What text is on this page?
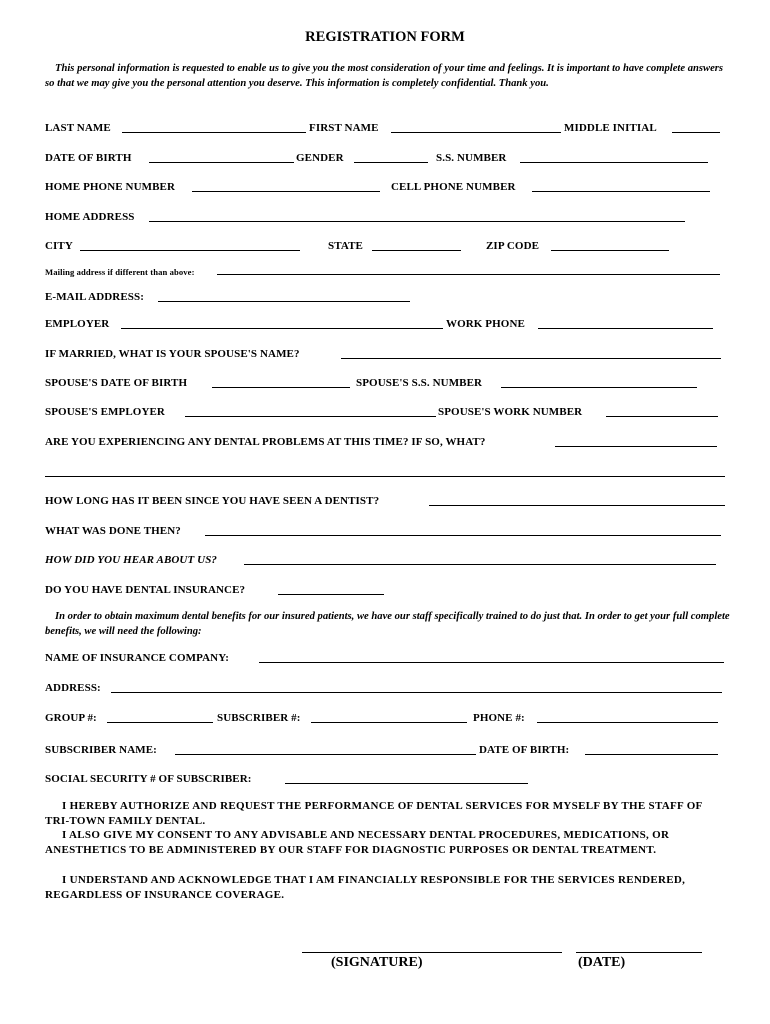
REGISTRATION FORM
This personal information is requested to enable us to give you the most consideration of your time and feelings. It is important to have complete answers so that we may give you the personal attention you deserve. This information is completely confidential. Thank you.
LAST NAME	FIRST NAME	MIDDLE INITIAL
DATE OF BIRTH	GENDER	S.S. NUMBER
HOME PHONE NUMBER	CELL PHONE NUMBER
HOME ADDRESS
CITY	STATE	ZIP CODE
Mailing address if different than above:
E-MAIL ADDRESS:
EMPLOYER	WORK PHONE
IF MARRIED, WHAT IS YOUR SPOUSE'S NAME?
SPOUSE'S DATE OF BIRTH	SPOUSE'S S.S. NUMBER
SPOUSE'S EMPLOYER	SPOUSE'S WORK NUMBER
ARE YOU EXPERIENCING ANY DENTAL PROBLEMS AT THIS TIME? IF SO, WHAT?
HOW LONG HAS IT BEEN SINCE YOU HAVE SEEN A DENTIST?
WHAT WAS DONE THEN?
HOW DID YOU HEAR ABOUT US?
DO YOU HAVE DENTAL INSURANCE?
In order to obtain maximum dental benefits for our insured patients, we have our staff specifically trained to do just that. In order to get your full complete benefits, we will need the following:
NAME OF INSURANCE COMPANY:
ADDRESS:
GROUP #:	SUBSCRIBER #:	PHONE #:
SUBSCRIBER NAME:	DATE OF BIRTH:
SOCIAL SECURITY # OF SUBSCRIBER:
I HEREBY AUTHORIZE AND REQUEST THE PERFORMANCE OF DENTAL SERVICES FOR MYSELF BY THE STAFF OF TRI-TOWN FAMILY DENTAL.
I ALSO GIVE MY CONSENT TO ANY ADVISABLE AND NECESSARY DENTAL PROCEDURES, MEDICATIONS, OR ANESTHETICS TO BE ADMINISTERED BY OUR STAFF FOR DIAGNOSTIC PURPOSES OR DENTAL TREATMENT.
I UNDERSTAND AND ACKNOWLEDGE THAT I AM FINANCIALLY RESPONSIBLE FOR THE SERVICES RENDERED, REGARDLESS OF INSURANCE COVERAGE.
(SIGNATURE)	(DATE)
